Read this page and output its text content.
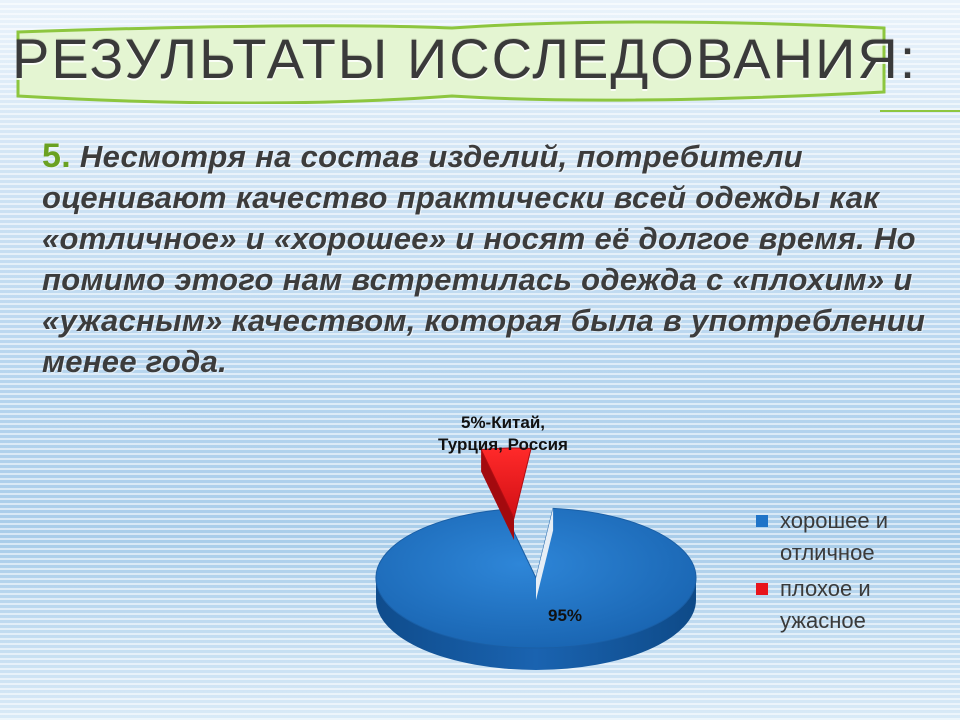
РЕЗУЛЬТАТЫ ИССЛЕДОВАНИЯ:
5. Несмотря на состав изделий, потребители оценивают качество практически всей одежды как «отличное» и «хорошее» и носят её долгое время. Но помимо этого нам встретилась одежда с «плохим» и «ужасным» качеством, которая была в употреблении менее года.
5%-Китай, Турция, Россия
95%
хорошее и отличное
плохое и ужасное
